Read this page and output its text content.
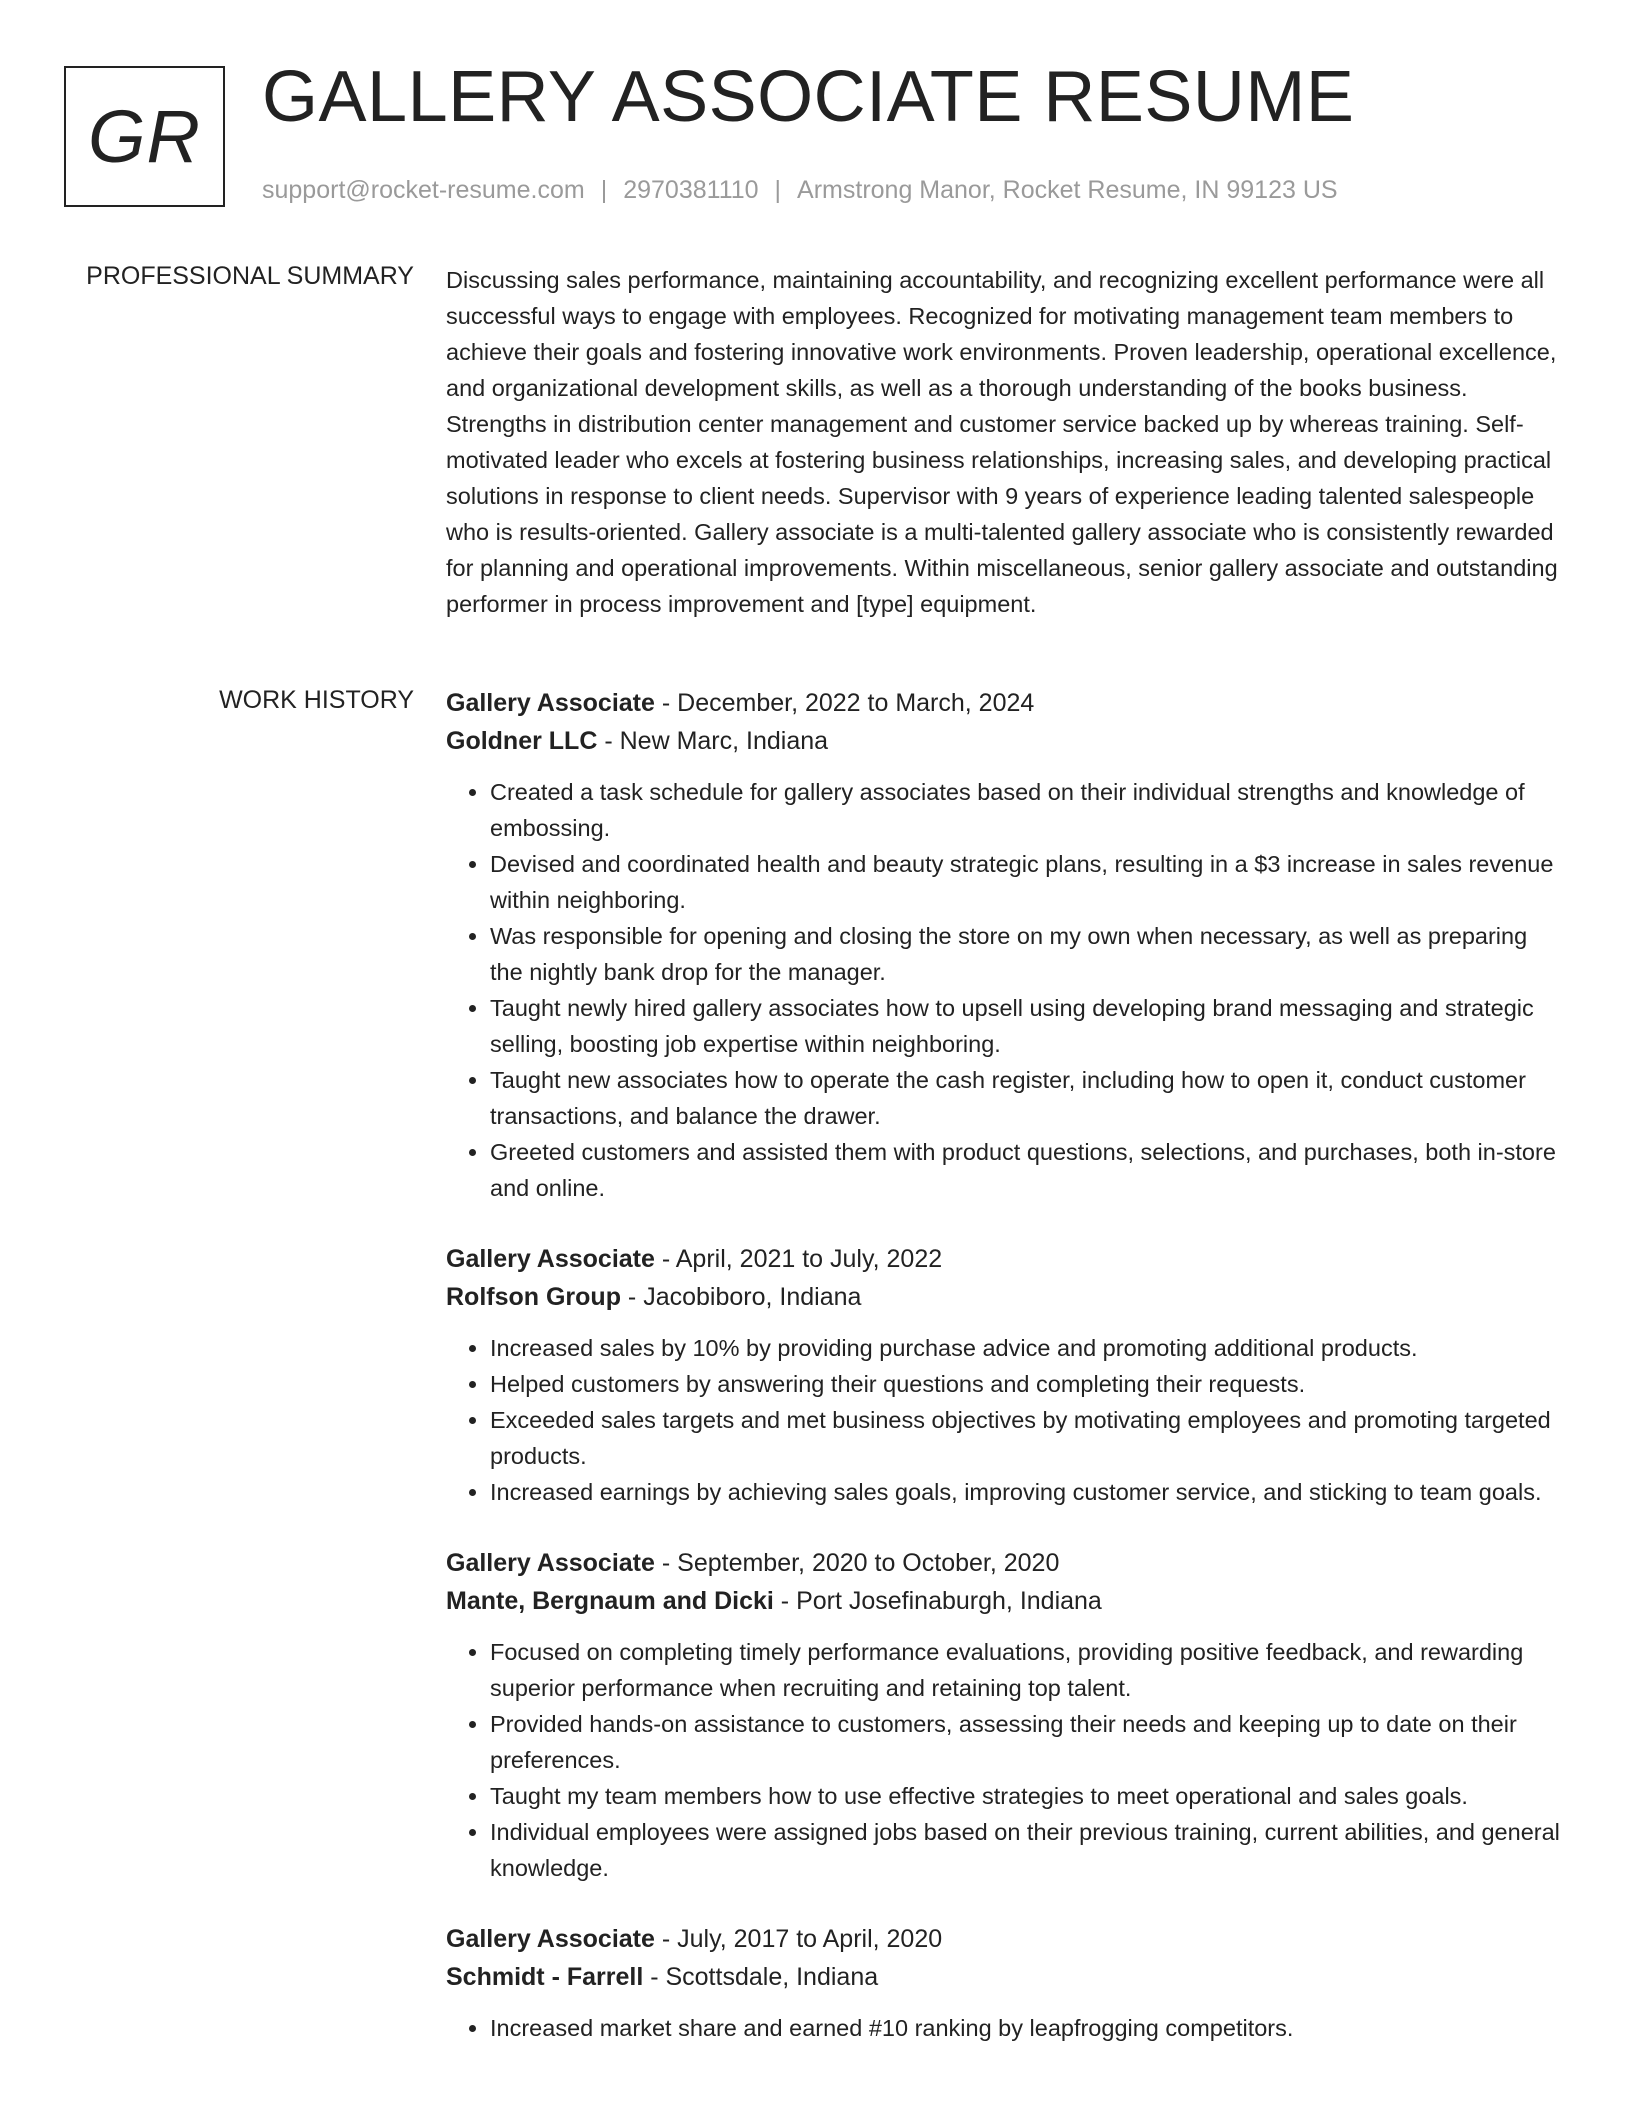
GR GALLERY ASSOCIATE RESUME
support@rocket-resume.com | 2970381110 | Armstrong Manor, Rocket Resume, IN 99123 US
PROFESSIONAL SUMMARY Discussing sales performance, maintaining accountability, and recognizing excellent performance were all successful ways to engage with employees. Recognized for motivating management team members to achieve their goals and fostering innovative work environments. Proven leadership, operational excellence, and organizational development skills, as well as a thorough understanding of the books business. Strengths in distribution center management and customer service backed up by whereas training. Self-motivated leader who excels at fostering business relationships, increasing sales, and developing practical solutions in response to client needs. Supervisor with 9 years of experience leading talented salespeople who is results-oriented. Gallery associate is a multi-talented gallery associate who is consistently rewarded for planning and operational improvements. Within miscellaneous, senior gallery associate and outstanding performer in process improvement and [type] equipment.

WORK HISTORY Gallery Associate - December, 2022 to March, 2024
Goldner LLC - New Marc, Indiana
• Created a task schedule for gallery associates based on their individual strengths and knowledge of embossing.
• Devised and coordinated health and beauty strategic plans, resulting in a $3 increase in sales revenue within neighboring.
• Was responsible for opening and closing the store on my own when necessary, as well as preparing the nightly bank drop for the manager.
• Taught newly hired gallery associates how to upsell using developing brand messaging and strategic selling, boosting job expertise within neighboring.
• Taught new associates how to operate the cash register, including how to open it, conduct customer transactions, and balance the drawer.
• Greeted customers and assisted them with product questions, selections, and purchases, both in-store and online.
Gallery Associate - April, 2021 to July, 2022
Rolfson Group - Jacobiboro, Indiana
• Increased sales by 10% by providing purchase advice and promoting additional products.
• Helped customers by answering their questions and completing their requests.
• Exceeded sales targets and met business objectives by motivating employees and promoting targeted products.
• Increased earnings by achieving sales goals, improving customer service, and sticking to team goals.
Gallery Associate - September, 2020 to October, 2020
Mante, Bergnaum and Dicki - Port Josefinaburgh, Indiana
• Focused on completing timely performance evaluations, providing positive feedback, and rewarding superior performance when recruiting and retaining top talent.
• Provided hands-on assistance to customers, assessing their needs and keeping up to date on their preferences.
• Taught my team members how to use effective strategies to meet operational and sales goals.
• Individual employees were assigned jobs based on their previous training, current abilities, and general knowledge.
Gallery Associate - July, 2017 to April, 2020
Schmidt - Farrell - Scottsdale, Indiana
• Increased market share and earned #10 ranking by leapfrogging competitors.
